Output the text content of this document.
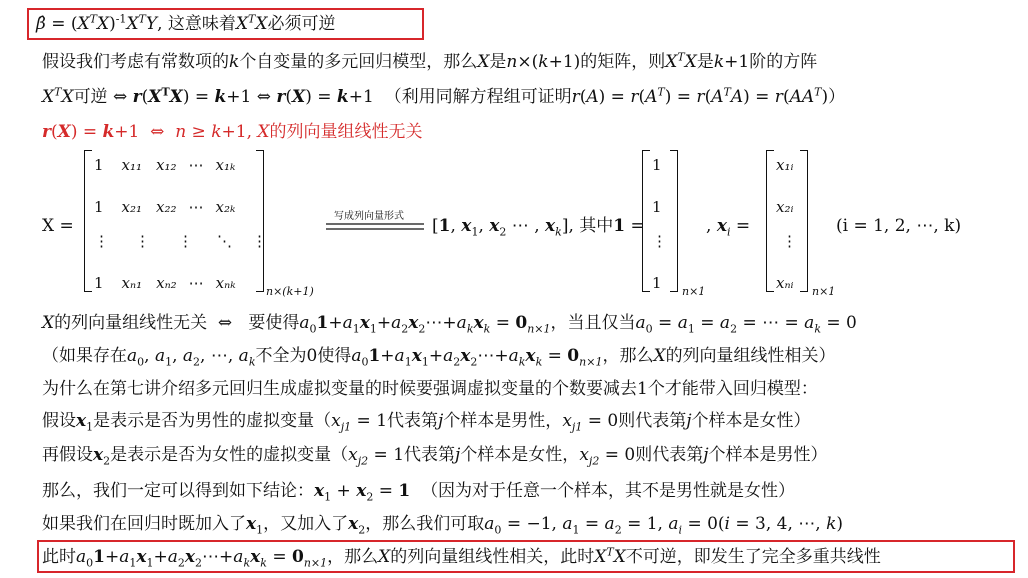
β̂ = $(X^TX)^{-1}X^TY$, 这意味着$X^TX$必须可逆
假设我们考虑有常数项的k个自变量的多元回归模型，那么X是n×(k+1)的矩阵，则$X^TX$是k+1阶的方阵
$X^TX$可逆 ⇔ $r(X^TX) = k+1$ ⇔ r(X) = k+1  （利用同解方程组可证明$r(A) = r(A^T) = r(A^TA) = r(AA^T)$）
r(X) = k+1  ⇔  n ≥ k+1, X的列向量组线性无关
X =
1 x₁₁ x₁₂ ⋯ x₁ₖ
1 x₂₁ x₂₂ ⋯ x₂ₖ
⋮ ⋮ ⋮ ⋱ ⋮
1 xₙ₁ xₙ₂ ⋯ xₙₖ	n×(k+1)
写成列向量形式 [1, $x_1$, $x_2$ ⋯ , $x_k$], 其中1 =
1
1
⋮
1 n×1
, $x_i$ =
x₁ᵢ
x₂ᵢ
⋮
xₙᵢ n×1
(i = 1, 2, ⋯, k)
X的列向量组线性无关  ⇔   要使得$a_01+a_1x_1+a_2x_2\cdots+a_kx_k = 0_{n\times 1}$，当且仅当$a_0 = a_1 = a_2$ = ⋯ = $a_k = 0$
（如果存在$a_0$, $a_1$, $a_2$, ⋯, $a_k$不全为0使得$a_01+a_1x_1+a_2x_2\cdots+a_kx_k = 0_{n\times 1}$，那么X的列向量组线性相关）
为什么在第七讲介绍多元回归生成虚拟变量的时候要强调虚拟变量的个数要减去1个才能带入回归模型：
假设$x_1$是表示是否为男性的虚拟变量（$x_{j1} = 1$代表第j个样本是男性，$x_{j1} = 0$则代表第j个样本是女性）
再假设$x_2$是表示是否为女性的虚拟变量（$x_{j2} = 1$代表第j个样本是女性，$x_{j2} = 0$则代表第j个样本是男性）
那么，我们一定可以得到如下结论：$x_1 + x_2 = 1$ （因为对于任意一个样本，其不是男性就是女性）
如果我们在回归时既加入了$x_1$，又加入了$x_2$，那么我们可取$a_0 = -1$, $a_1 = a_2 = 1$, $a_i = 0(i = 3$, 4, ⋯, k)
此时$a_01+a_1x_1+a_2x_2\cdots+a_kx_k = 0_{n\times 1}$，那么X的列向量组线性相关，此时$X^TX$不可逆，即发生了完全多重共线性
